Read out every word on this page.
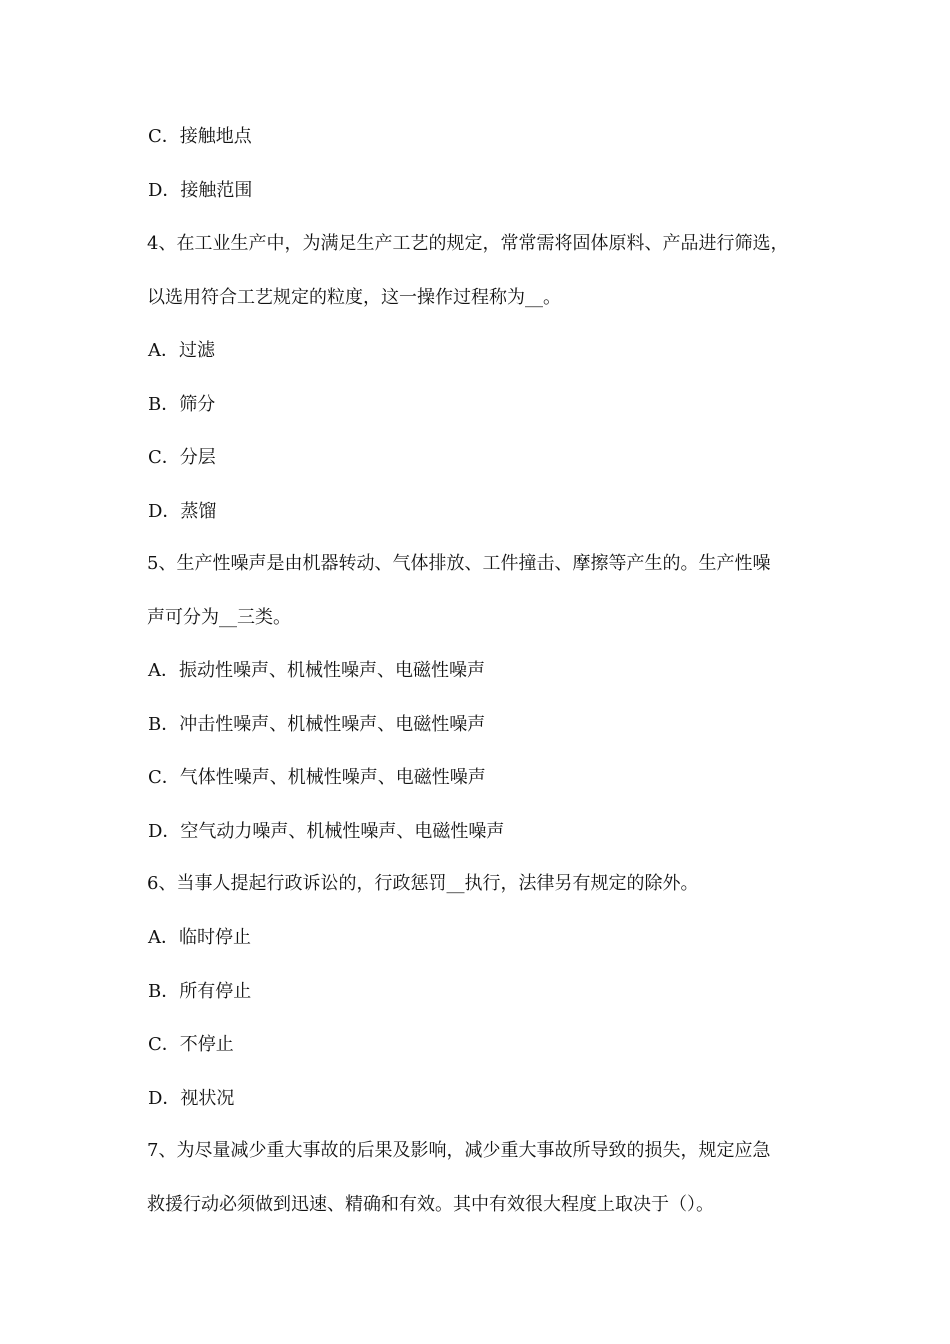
C．接触地点
D．接触范围
4、在工业生产中，为满足生产工艺的规定，常常需将固体原料、产品进行筛选，
以选用符合工艺规定的粒度，这一操作过程称为__。
A．过滤
B．筛分
C．分层
D．蒸馏
5、生产性噪声是由机器转动、气体排放、工件撞击、摩擦等产生的。生产性噪
声可分为__三类。
A．振动性噪声、机械性噪声、电磁性噪声
B．冲击性噪声、机械性噪声、电磁性噪声
C．气体性噪声、机械性噪声、电磁性噪声
D．空气动力噪声、机械性噪声、电磁性噪声
6、当事人提起行政诉讼的，行政惩罚__执行，法律另有规定的除外。
A．临时停止
B．所有停止
C．不停止
D．视状况
7、为尽量减少重大事故的后果及影响，减少重大事故所导致的损失，规定应急
救援行动必须做到迅速、精确和有效。其中有效很大程度上取决于（）。
